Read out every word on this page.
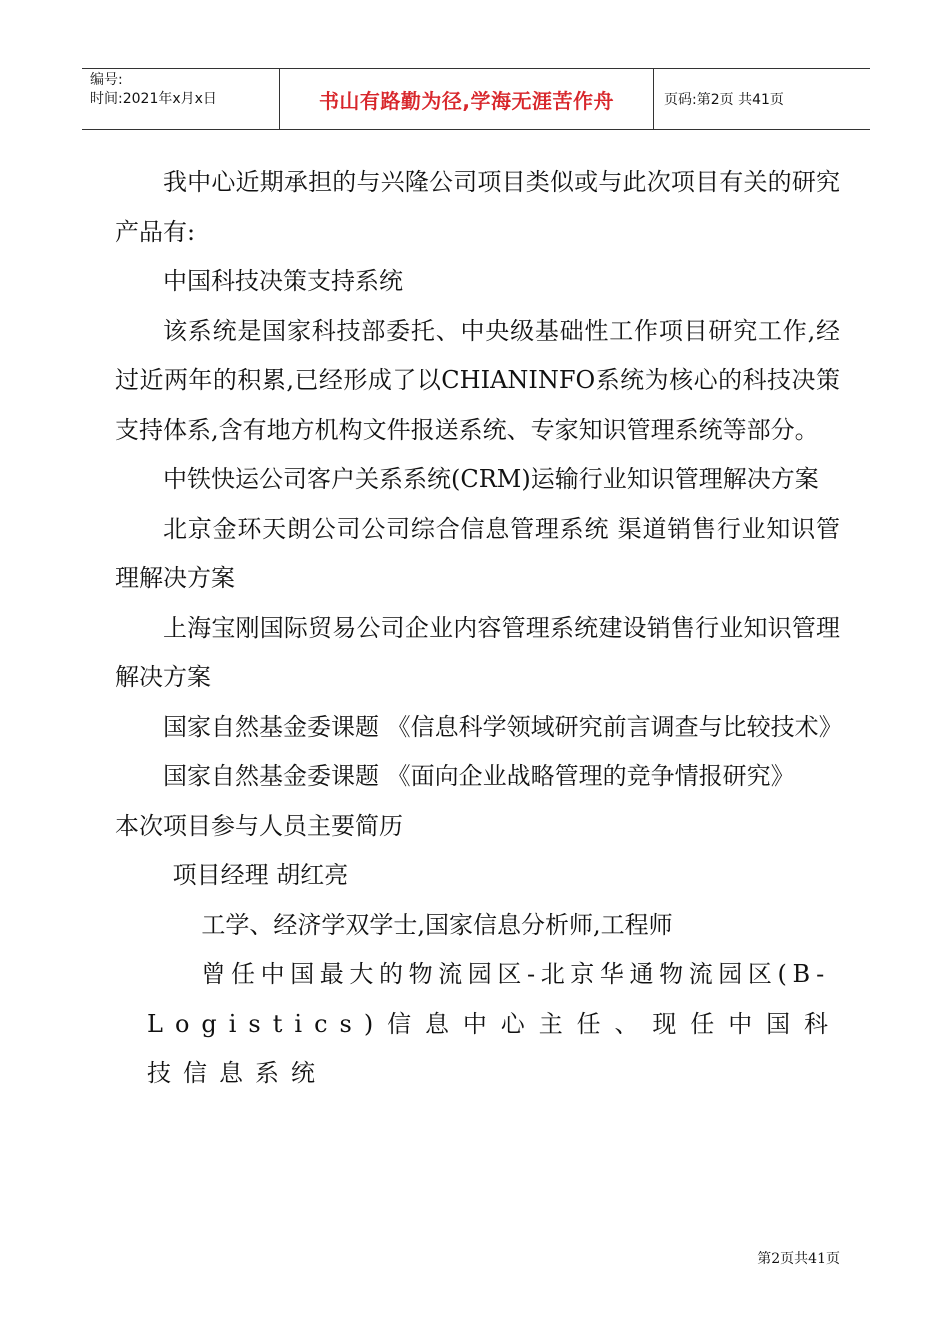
编号:
时间:2021年x月x日	书山有路勤为径,学海无涯苦作舟	页码:第2页 共41页

我中心近期承担的与兴隆公司项目类似或与此次项目有关的研究产品有:

中国科技决策支持系统

该系统是国家科技部委托、中央级基础性工作项目研究工作,经过近两年的积累,已经形成了以CHIANINFO系统为核心的科技决策支持体系,含有地方机构文件报送系统、专家知识管理系统等部分。

中铁快运公司客户关系系统(CRM)运输行业知识管理解决方案

北京金环天朗公司公司综合信息管理系统 渠道销售行业知识管理解决方案

上海宝刚国际贸易公司企业内容管理系统建设销售行业知识管理解决方案

国家自然基金委课题 《信息科学领域研究前言调查与比较技术》

国家自然基金委课题 《面向企业战略管理的竞争情报研究》

本次项目参与人员主要简历

项目经理 胡红亮

工学、经济学双学士,国家信息分析师,工程师

曾任中国最大的物流园区-北京华通物流园区(B-

Logistics)信息中心主任、现任中国科技信息系统

第2页共41页
